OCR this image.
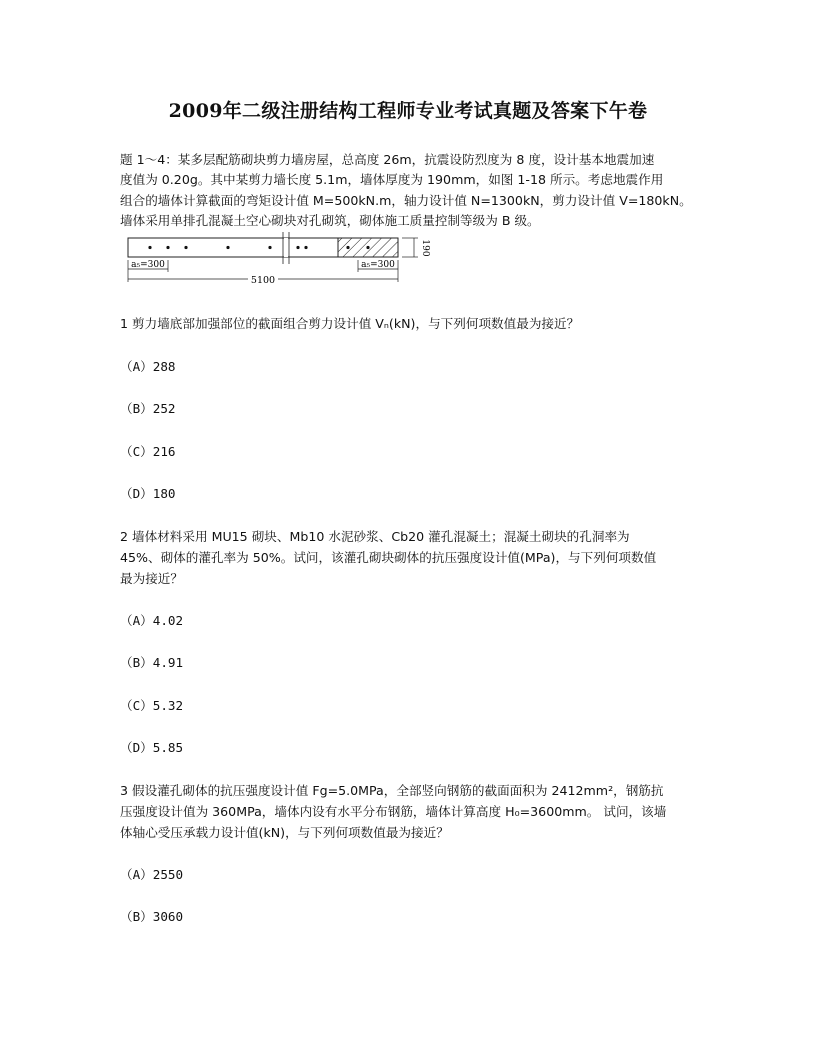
2009年二级注册结构工程师专业考试真题及答案下午卷
题 1～4：某多层配筋砌块剪力墙房屋，总高度 26m，抗震设防烈度为 8 度，设计基本地震加速
度值为 0.20g。其中某剪力墙长度 5.1m，墙体厚度为 190mm，如图 1-18 所示。考虑地震作用
组合的墙体计算截面的弯矩设计值 M=500kN.m，轴力设计值 N=1300kN，剪力设计值 V=180kN。
墙体采用单排孔混凝土空心砌块对孔砌筑，砌体施工质量控制等级为 B 级。
190
a₅=300	a₅=300
5100
1 剪力墙底部加强部位的截面组合剪力设计值 Vₙ(kN)，与下列何项数值最为接近？
（A）288
（B）252
（C）216
（D）180
2 墙体材料采用 MU15 砌块、Mb10 水泥砂浆、Cb20 灌孔混凝土；混凝土砌块的孔洞率为
45%、砌体的灌孔率为 50%。试问，该灌孔砌块砌体的抗压强度设计值(MPa)，与下列何项数值
最为接近？
（A）4.02
（B）4.91
（C）5.32
（D）5.85
3 假设灌孔砌体的抗压强度设计值 Fg=5.0MPa，全部竖向钢筋的截面面积为 2412mm²，钢筋抗
压强度设计值为 360MPa，墙体内设有水平分布钢筋，墙体计算高度 H₀=3600mm。 试问，该墙
体轴心受压承载力设计值(kN)，与下列何项数值最为接近？
（A）2550
（B）3060
